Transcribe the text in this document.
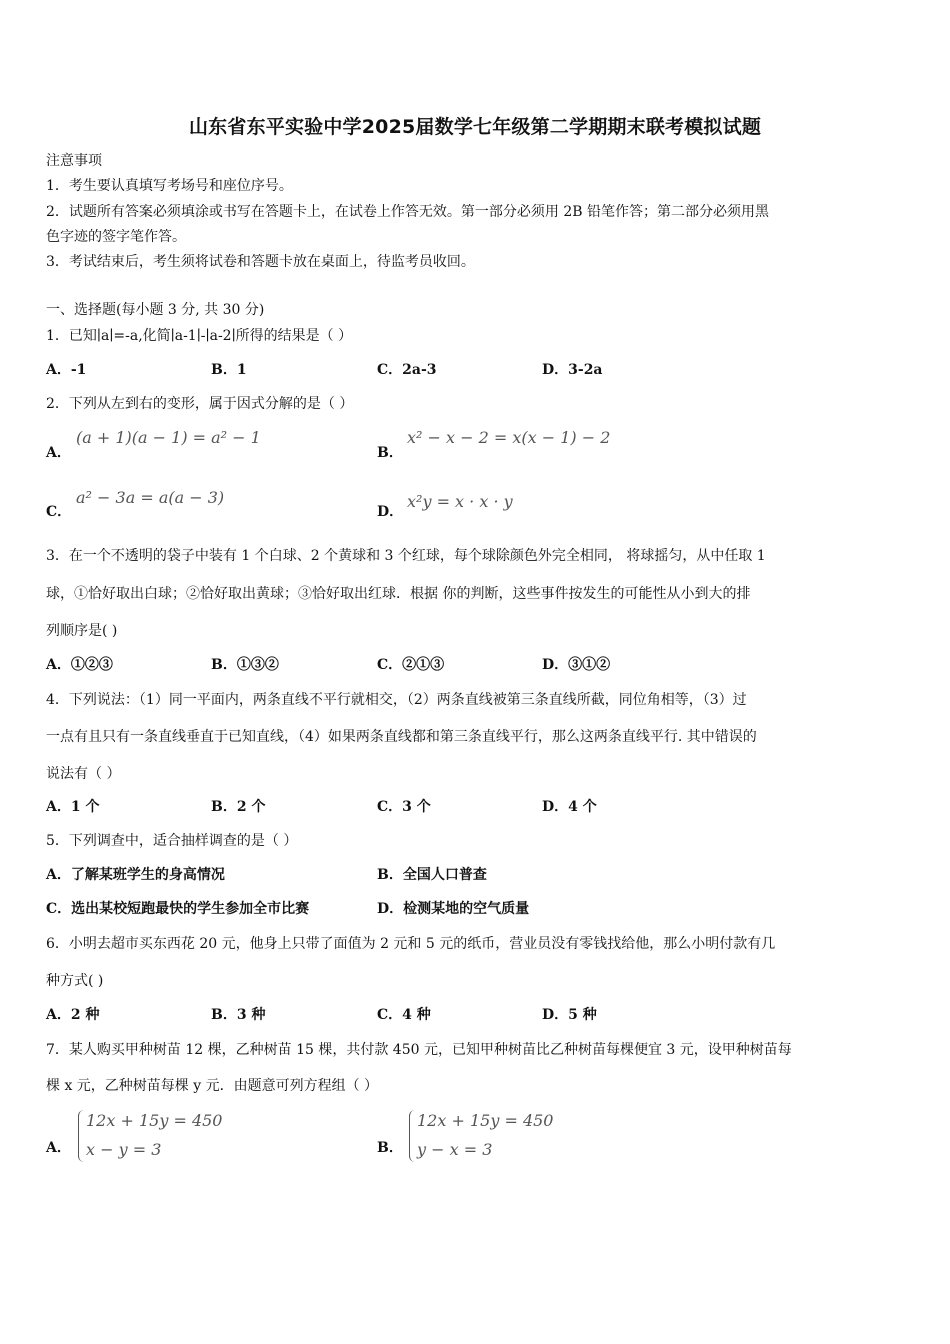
山东省东平实验中学2025届数学七年级第二学期期末联考模拟试题
注意事项
1．考生要认真填写考场号和座位序号。
2．试题所有答案必须填涂或书写在答题卡上，在试卷上作答无效。第一部分必须用 2B 铅笔作答；第二部分必须用黑
色字迹的签字笔作答。
3．考试结束后，考生须将试卷和答题卡放在桌面上，待监考员收回。
一、选择题(每小题 3 分, 共 30 分)
1．已知∣a∣=-a,化简∣a-1∣-∣a-2∣所得的结果是（ ）
A．-1	B．1	C．2a-3	D．3-2a
2．下列从左到右的变形，属于因式分解的是（ ）
A．
(a + 1)(a − 1) = a² − 1
B．
x² − x − 2 = x(x − 1) − 2
C．
a² − 3a = a(a − 3)
D．
x²y = x · x · y
3．在一个不透明的袋子中装有 1 个白球、2 个黄球和 3 个红球，每个球除颜色外完全相同， 将球摇匀，从中任取 1
球，①恰好取出白球；②恰好取出黄球；③恰好取出红球．根据 你的判断，这些事件按发生的可能性从小到大的排
列顺序是( )
A．①②③	B．①③②	C．②①③	D．③①②
4．下列说法：（1）同一平面内，两条直线不平行就相交，（2）两条直线被第三条直线所截，同位角相等，（3）过
一点有且只有一条直线垂直于已知直线，（4）如果两条直线都和第三条直线平行，那么这两条直线平行. 其中错误的
说法有（ ）
A．1 个	B．2 个	C．3 个	D．4 个
5．下列调查中，适合抽样调查的是（ ）
A．了解某班学生的身高情况	B．全国人口普查
C．选出某校短跑最快的学生参加全市比赛	D．检测某地的空气质量
6．小明去超市买东西花 20 元，他身上只带了面值为 2 元和 5 元的纸币，营业员没有零钱找给他，那么小明付款有几
种方式( )
A．2 种	B．3 种	C．4 种	D．5 种
7．某人购买甲种树苗 12 棵，乙种树苗 15 棵，共付款 450 元，已知甲种树苗比乙种树苗每棵便宜 3 元，设甲种树苗每
棵 x 元，乙种树苗每棵 y 元．由题意可列方程组（ ）
A．
12x + 15y = 450
x − y = 3	B．
12x + 15y = 450
y − x = 3
